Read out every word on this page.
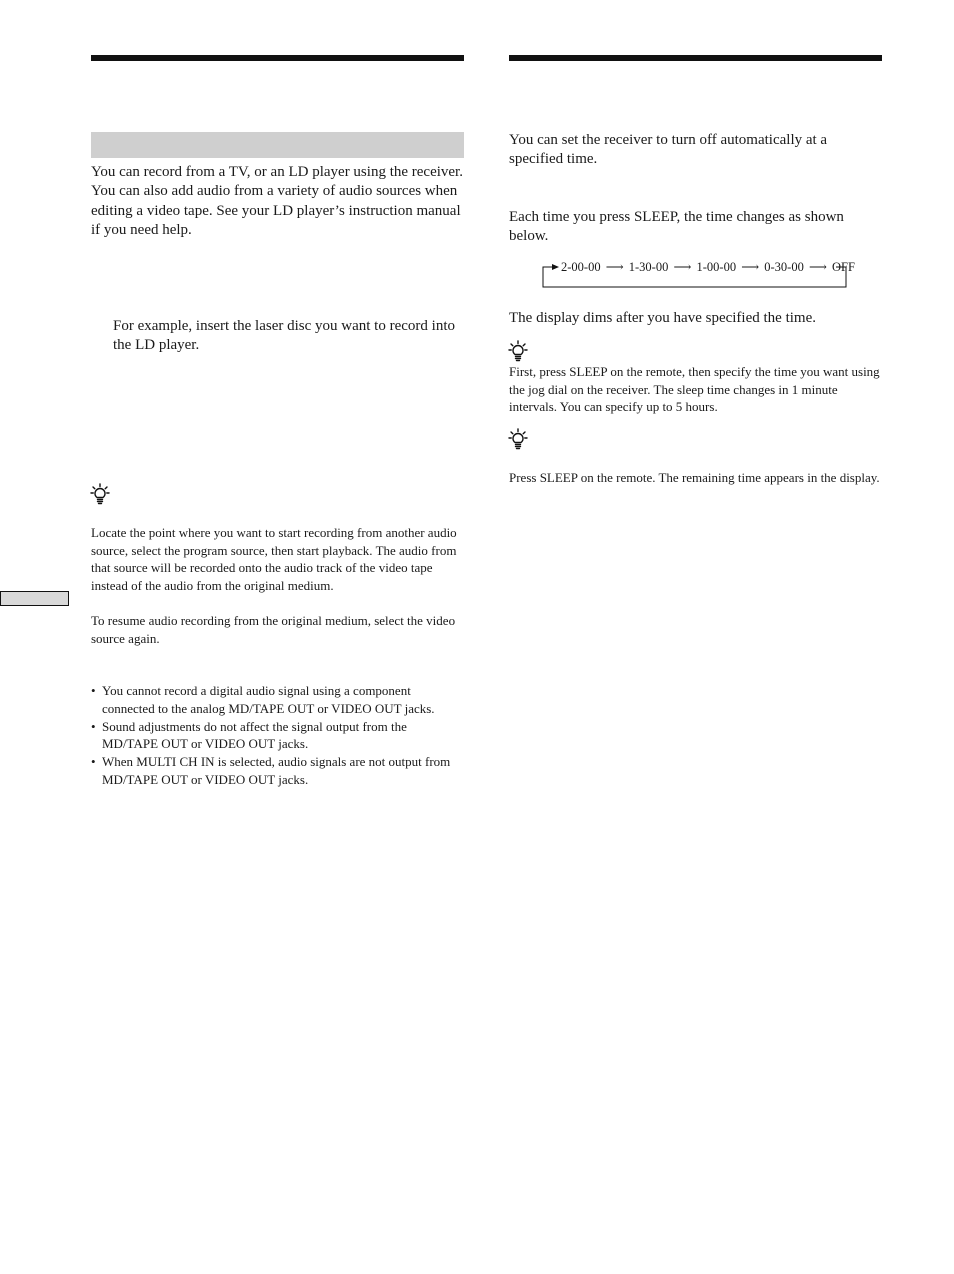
You can record from a TV, or an LD player using the receiver. You can also add audio from a variety of audio sources when editing a video tape. See your LD player’s instruction manual if you need help.

For example, insert the laser disc you want to record into the LD player.

Locate the point where you want to start recording from another audio source, select the program source, then start playback. The audio from that source will be recorded onto the audio track of the video tape instead of the audio from the original medium.

To resume audio recording from the original medium, select the video source again.

• You cannot record a digital audio signal using a component connected to the analog MD/TAPE OUT or VIDEO OUT jacks.
• Sound adjustments do not affect the signal output from the MD/TAPE OUT or VIDEO OUT jacks.
• When MULTI CH IN is selected, audio signals are not output from MD/TAPE OUT or VIDEO OUT jacks.

You can set the receiver to turn off automatically at a specified time.

Each time you press SLEEP, the time changes as shown below.

2-00-00 ⟶ 1-30-00 ⟶ 1-00-00 ⟶ 0-30-00 ⟶ OFF

The display dims after you have specified the time.

First, press SLEEP on the remote, then specify the time you want using the jog dial on the receiver. The sleep time changes in 1 minute intervals. You can specify up to 5 hours.

Press SLEEP on the remote. The remaining time appears in the display.
